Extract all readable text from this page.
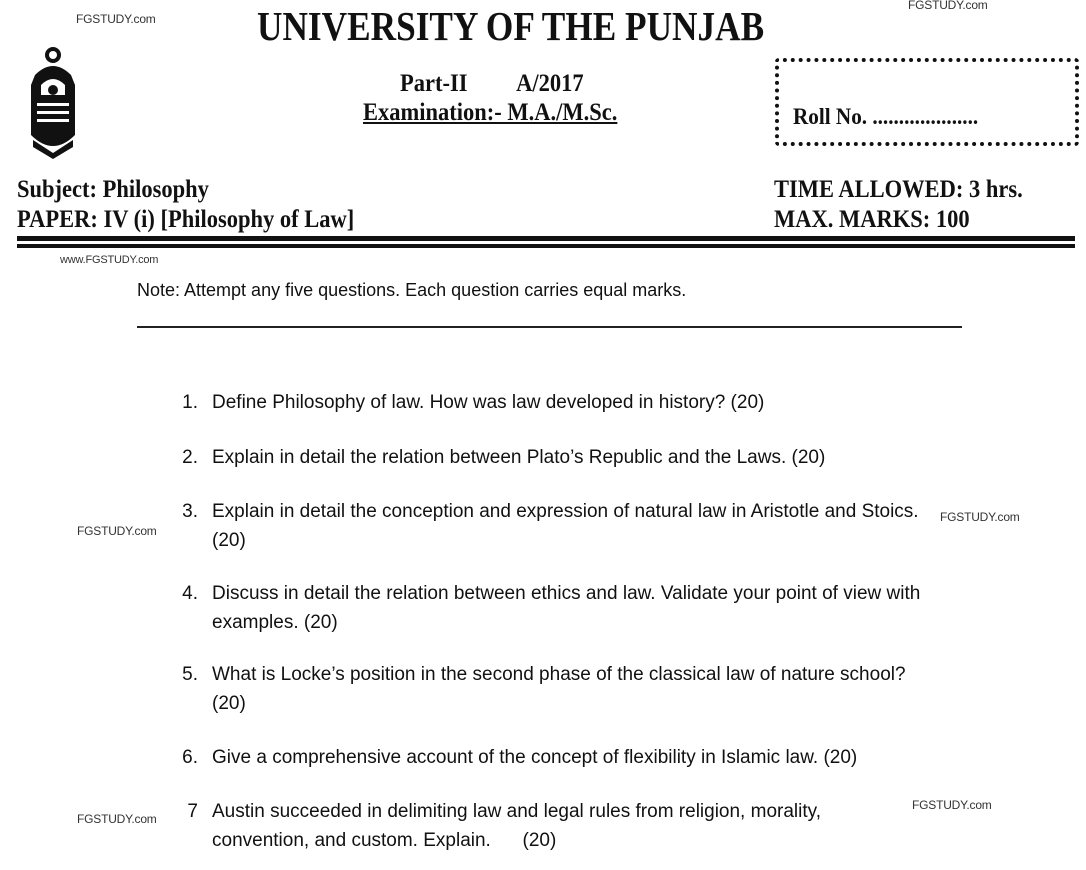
FGSTUDY.com
FGSTUDY.com
UNIVERSITY OF THE PUNJAB
Part-II A/2017
Examination:- M.A./M.Sc.	Roll No. ....................
Subject: Philosophy
PAPER: IV (i) [Philosophy of Law]
TIME ALLOWED: 3 hrs.
MAX. MARKS: 100
www.FGSTUDY.com
Note: Attempt any five questions. Each question carries equal marks.
1. Define Philosophy of law. How was law developed in history? (20)
2. Explain in detail the relation between Plato’s Republic and the Laws. (20)
3. Explain in detail the conception and expression of natural law in Aristotle and Stoics. (20)
4. Discuss in detail the relation between ethics and law. Validate your point of view with examples. (20)
5. What is Locke’s position in the second phase of the classical law of nature school? (20)
6. Give a comprehensive account of the concept of flexibility in Islamic law. (20)
7 Austin succeeded in delimiting law and legal rules from religion, morality, convention, and custom. Explain.      (20)
FGSTUDY.com
FGSTUDY.com
FGSTUDY.com
FGSTUDY.com
